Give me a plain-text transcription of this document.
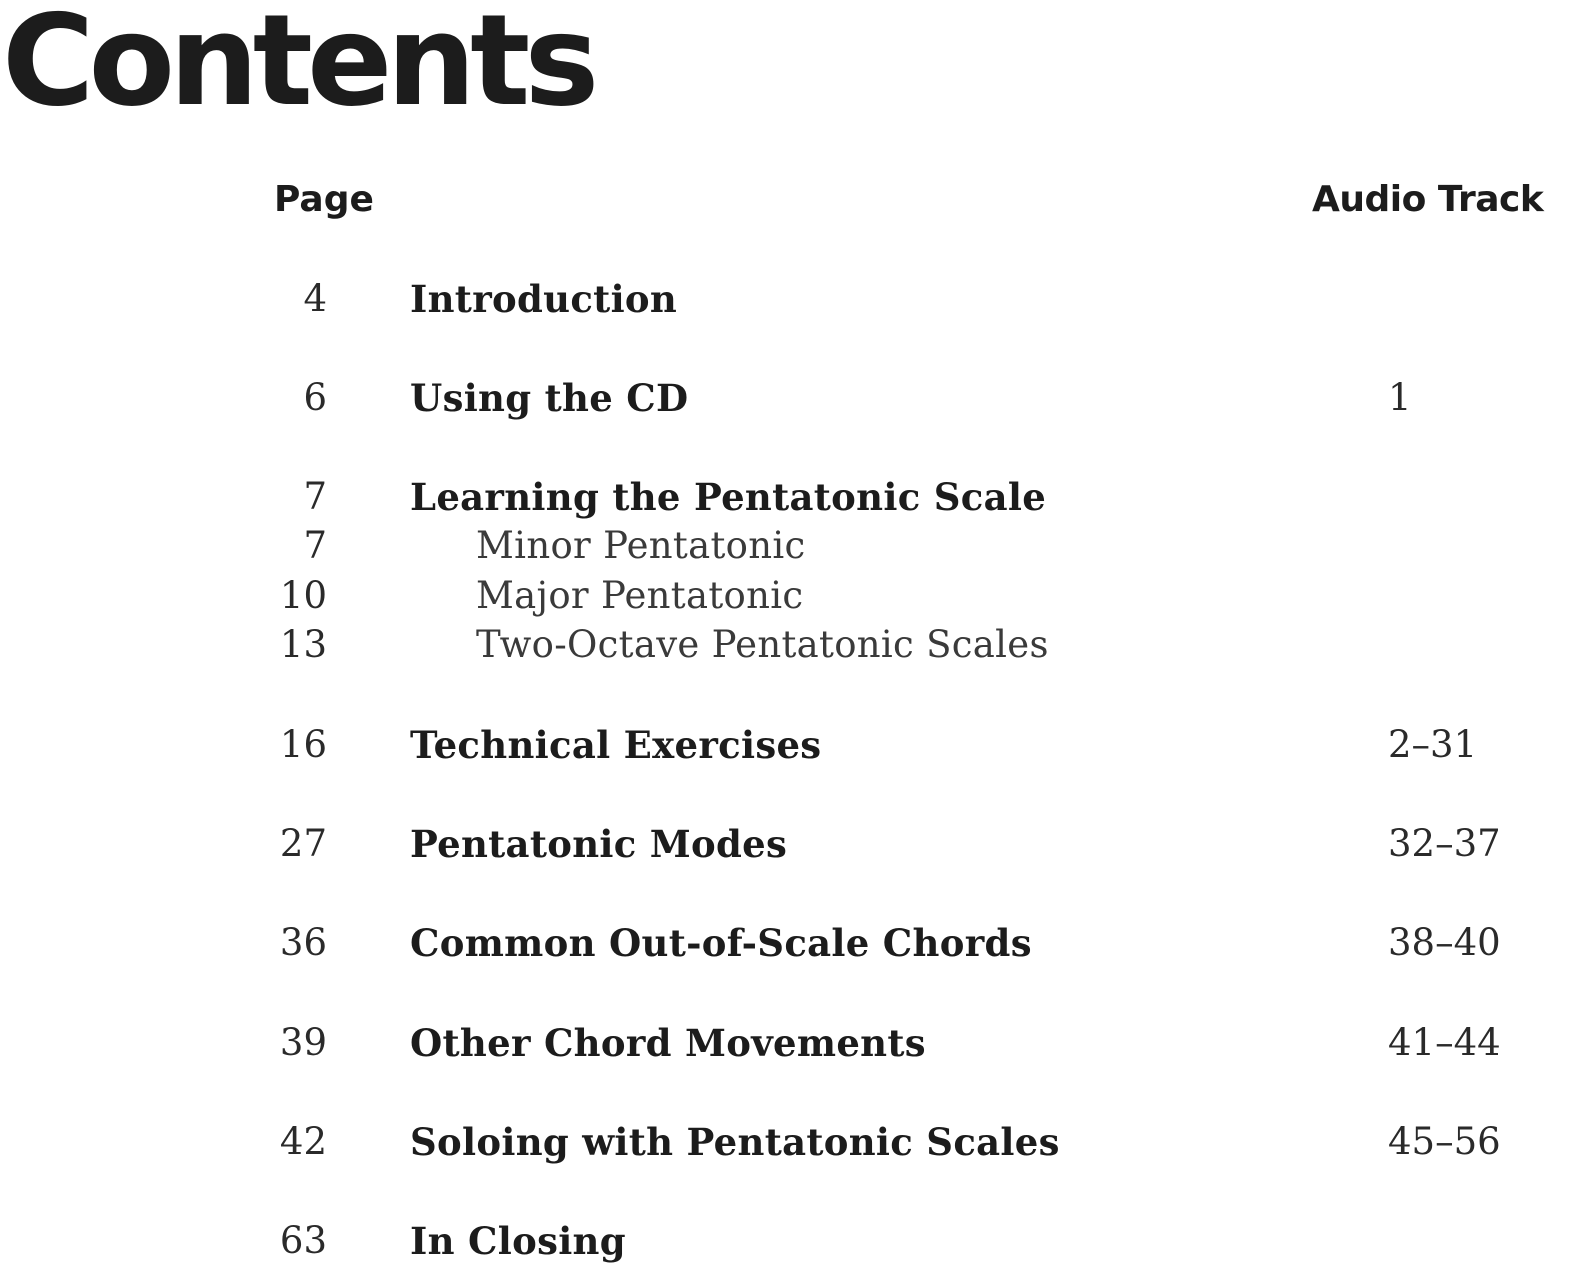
Contents
Page	Audio Track
4 Introduction
6 Using the CD	1
7 Learning the Pentatonic Scale
7	Minor Pentatonic
10	Major Pentatonic
13	Two-Octave Pentatonic Scales
16 Technical Exercises	2–31
27 Pentatonic Modes	32–37
36 Common Out-of-Scale Chords	38–40
39 Other Chord Movements	41–44
42 Soloing with Pentatonic Scales	45–56
63 In Closing
